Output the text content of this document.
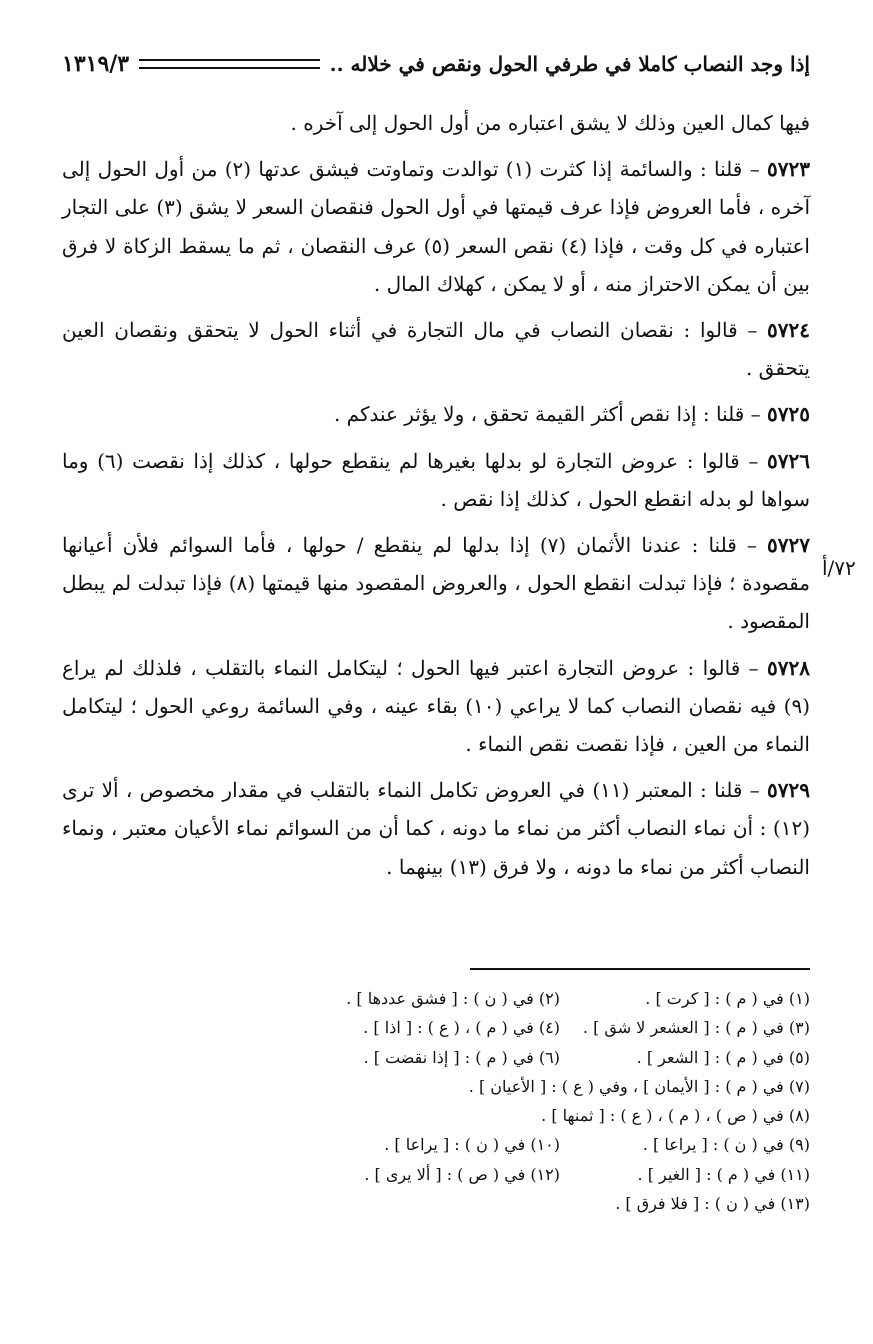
إذا وجد النصاب كاملا في طرفي الحول ونقص في خلاله ..
١٣١٩/٣
٧٢/أ

فيها كمال العين وذلك لا يشق اعتباره من أول الحول إلى آخره .

٥٧٢٣ – قلنا : والسائمة إذا كثرت (١) توالدت وتماوتت فيشق عدتها (٢) من أول الحول إلى آخره ، فأما العروض فإذا عرف قيمتها في أول الحول فنقصان السعر لا يشق (٣) على التجار اعتباره في كل وقت ، فإذا (٤) نقص السعر (٥) عرف النقصان ، ثم ما يسقط الزكاة لا فرق بين أن يمكن الاحتراز منه ، أو لا يمكن ، كهلاك المال .

٥٧٢٤ – قالوا : نقصان النصاب في مال التجارة في أثناء الحول لا يتحقق ونقصان العين يتحقق .

٥٧٢٥ – قلنا : إذا نقص أكثر القيمة تحقق ، ولا يؤثر عندكم .

٥٧٢٦ – قالوا : عروض التجارة لو بدلها بغيرها لم ينقطع حولها ، كذلك إذا نقصت (٦) وما سواها لو بدله انقطع الحول ، كذلك إذا نقص .

٥٧٢٧ – قلنا : عندنا الأثمان (٧) إذا بدلها لم ينقطع / حولها ، فأما السوائم فلأن أعيانها مقصودة ؛ فإذا تبدلت انقطع الحول ، والعروض المقصود منها قيمتها (٨) فإذا تبدلت لم يبطل المقصود .

٥٧٢٨ – قالوا : عروض التجارة اعتبر فيها الحول ؛ ليتكامل النماء بالتقلب ، فلذلك لم يراع (٩) فيه نقصان النصاب كما لا يراعي (١٠) بقاء عينه ، وفي السائمة روعي الحول ؛ ليتكامل النماء من العين ، فإذا نقصت نقص النماء .

٥٧٢٩ – قلنا : المعتبر (١١) في العروض تكامل النماء بالتقلب في مقدار مخصوص ، ألا ترى (١٢) : أن نماء النصاب أكثر من نماء ما دونه ، كما أن من السوائم نماء الأعيان معتبر ، ونماء النصاب أكثر من نماء ما دونه ، ولا فرق (١٣) بينهما .

(١) في ( م ) : [ كرت ] .
(٢) في ( ن ) : [ فشق عددها ] .
(٣) في ( م ) : [ العشعر لا شق ] .
(٤) في ( م ) ، ( ع ) : [ اذا ] .
(٥) في ( م ) : [ الشعر ] .
(٦) في ( م ) : [ إذا نقضت ] .
(٧) في ( م ) : [ الأيمان ] ، وفي ( ع ) : [ الأعيان ] .
(٨) في ( ص ) ، ( م ) ، ( ع ) : [ ثمنها ] .
(٩) في ( ن ) : [ يراعا ] .
(١٠) في ( ن ) : [ يراعا ] .
(١١) في ( م ) : [ الغير ] .
(١٢) في ( ص ) : [ ألا يرى ] .
(١٣) في ( ن ) : [ فلا فرق ] .
